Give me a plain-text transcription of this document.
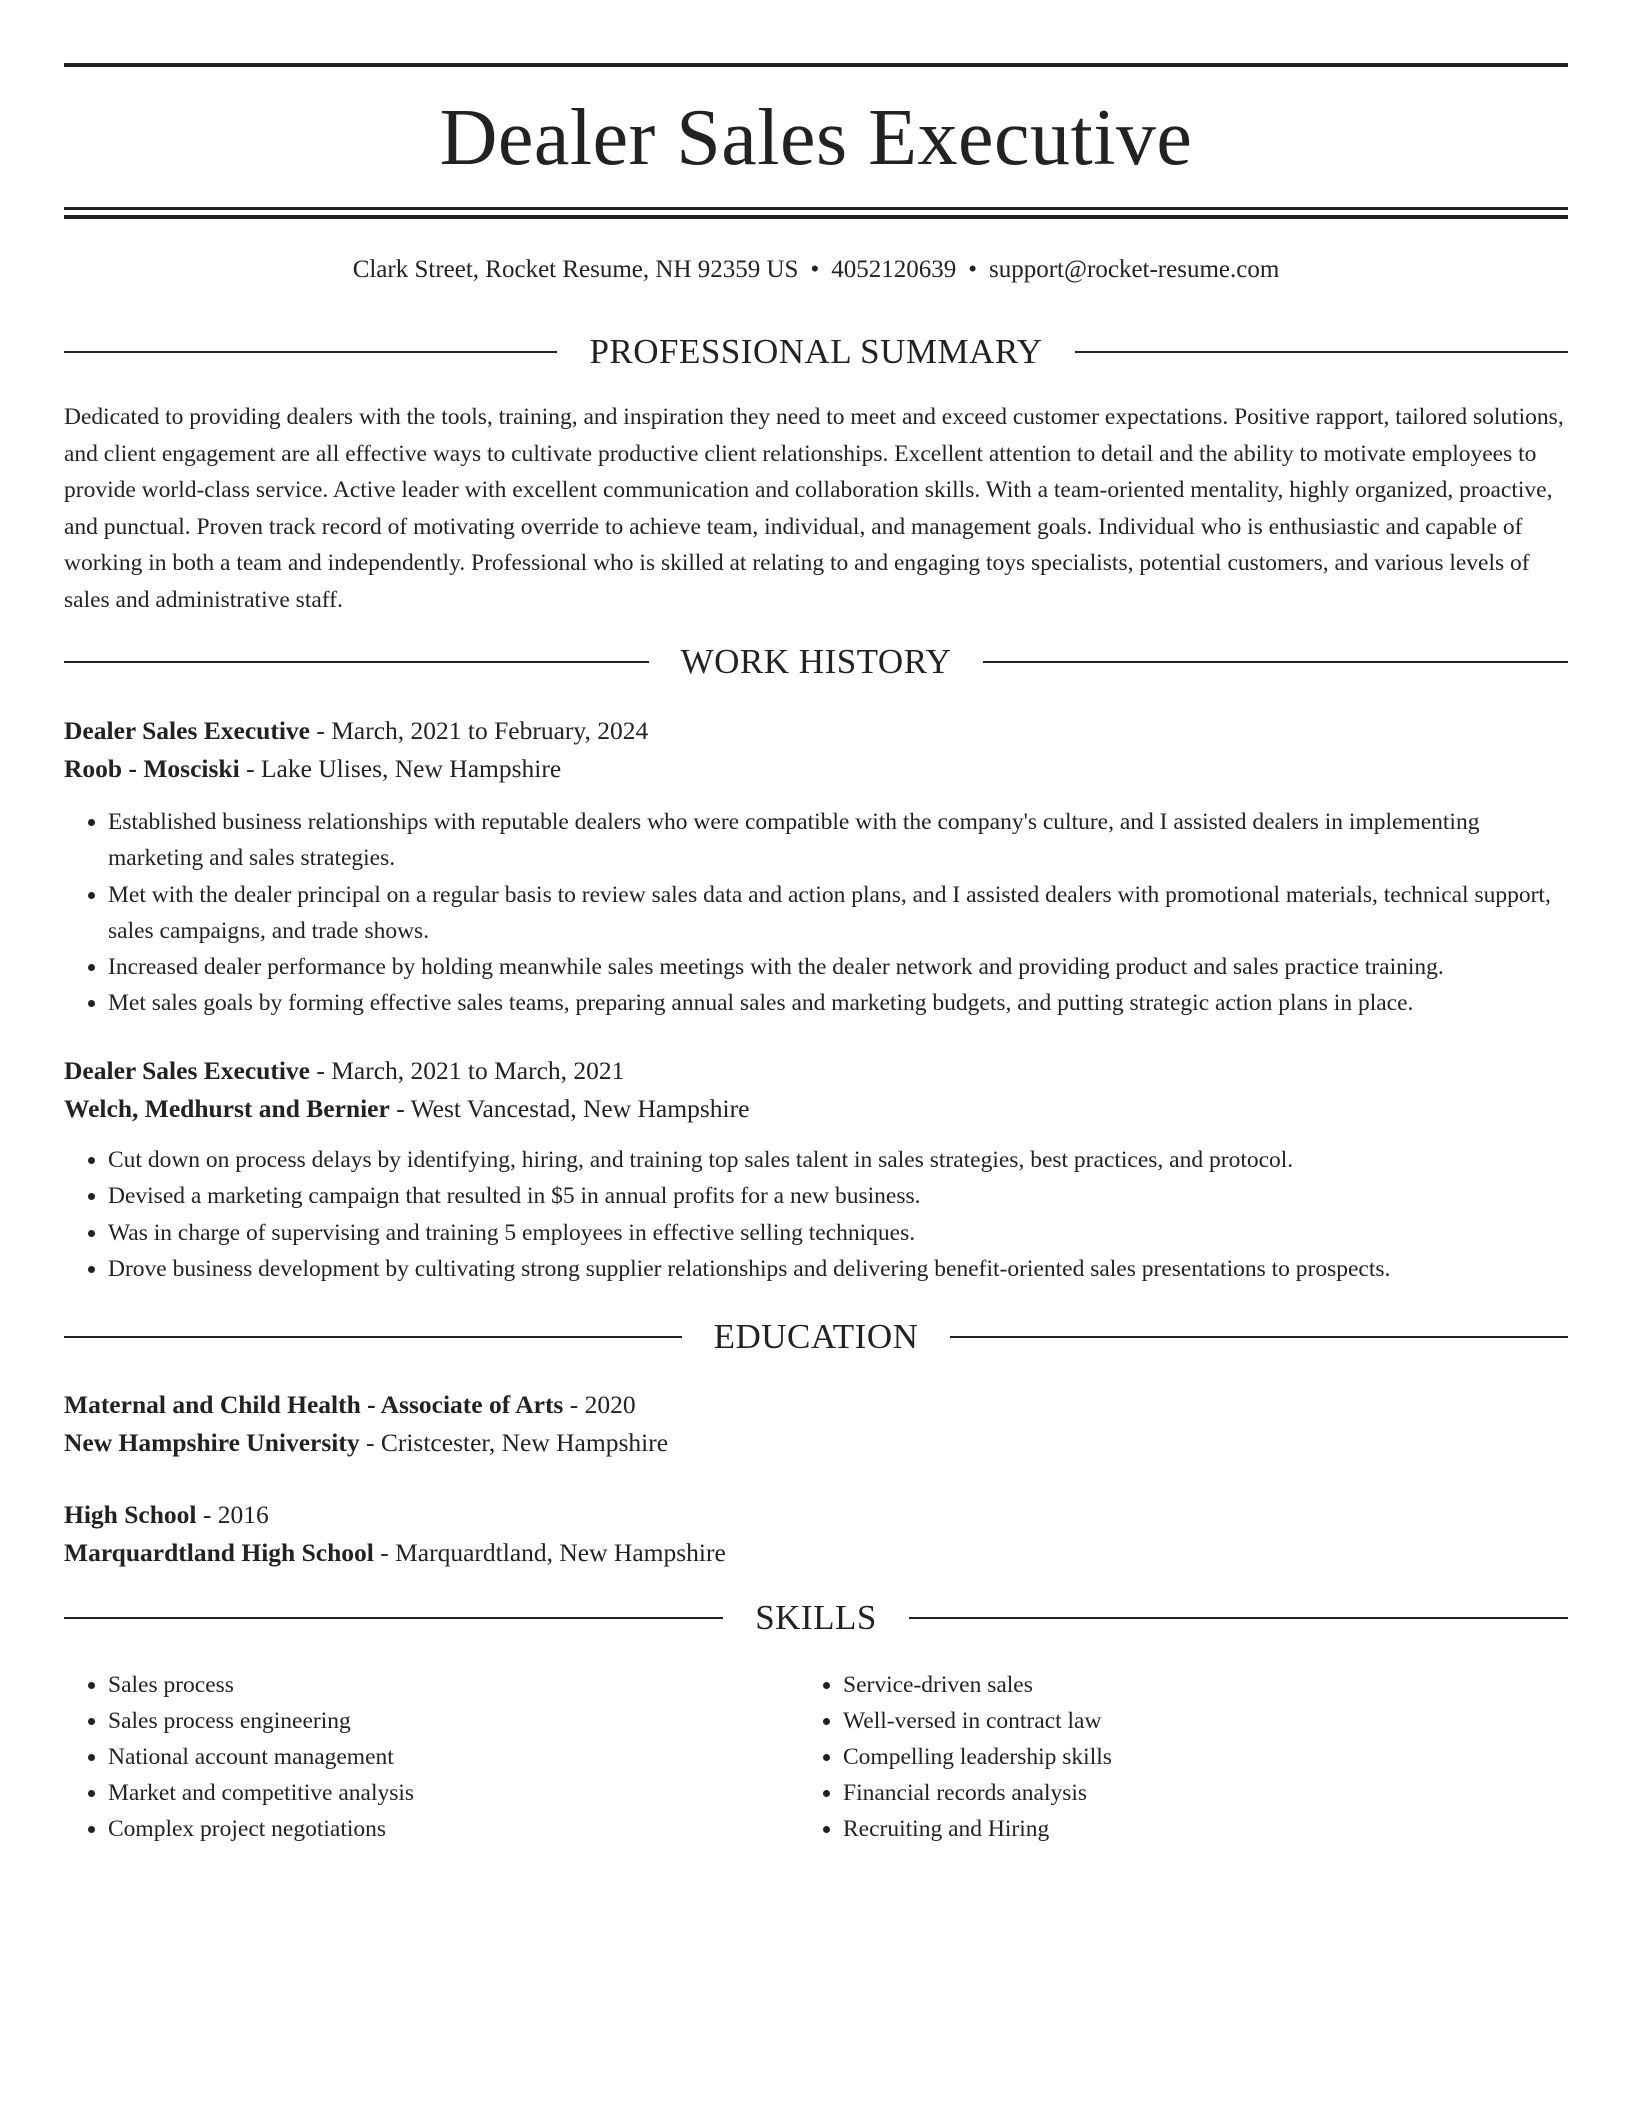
Dealer Sales Executive
Clark Street, Rocket Resume, NH 92359 US • 4052120639 • support@rocket-resume.com
PROFESSIONAL SUMMARY
Dedicated to providing dealers with the tools, training, and inspiration they need to meet and exceed customer expectations. Positive rapport, tailored solutions, and client engagement are all effective ways to cultivate productive client relationships. Excellent attention to detail and the ability to motivate employees to provide world-class service. Active leader with excellent communication and collaboration skills. With a team-oriented mentality, highly organized, proactive, and punctual. Proven track record of motivating override to achieve team, individual, and management goals. Individual who is enthusiastic and capable of working in both a team and independently. Professional who is skilled at relating to and engaging toys specialists, potential customers, and various levels of sales and administrative staff.
WORK HISTORY
Dealer Sales Executive - March, 2021 to February, 2024
Roob - Mosciski - Lake Ulises, New Hampshire
• Established business relationships with reputable dealers who were compatible with the company's culture, and I assisted dealers in implementing marketing and sales strategies.
• Met with the dealer principal on a regular basis to review sales data and action plans, and I assisted dealers with promotional materials, technical support, sales campaigns, and trade shows.
• Increased dealer performance by holding meanwhile sales meetings with the dealer network and providing product and sales practice training.
• Met sales goals by forming effective sales teams, preparing annual sales and marketing budgets, and putting strategic action plans in place.
Dealer Sales Executive - March, 2021 to March, 2021
Welch, Medhurst and Bernier - West Vancestad, New Hampshire
• Cut down on process delays by identifying, hiring, and training top sales talent in sales strategies, best practices, and protocol.
• Devised a marketing campaign that resulted in $5 in annual profits for a new business.
• Was in charge of supervising and training 5 employees in effective selling techniques.
• Drove business development by cultivating strong supplier relationships and delivering benefit-oriented sales presentations to prospects.
EDUCATION
Maternal and Child Health - Associate of Arts - 2020
New Hampshire University - Cristcester, New Hampshire
High School - 2016
Marquardtland High School - Marquardtland, New Hampshire
SKILLS
• Sales process
• Sales process engineering
• National account management
• Market and competitive analysis
• Complex project negotiations
• Service-driven sales
• Well-versed in contract law
• Compelling leadership skills
• Financial records analysis
• Recruiting and Hiring
